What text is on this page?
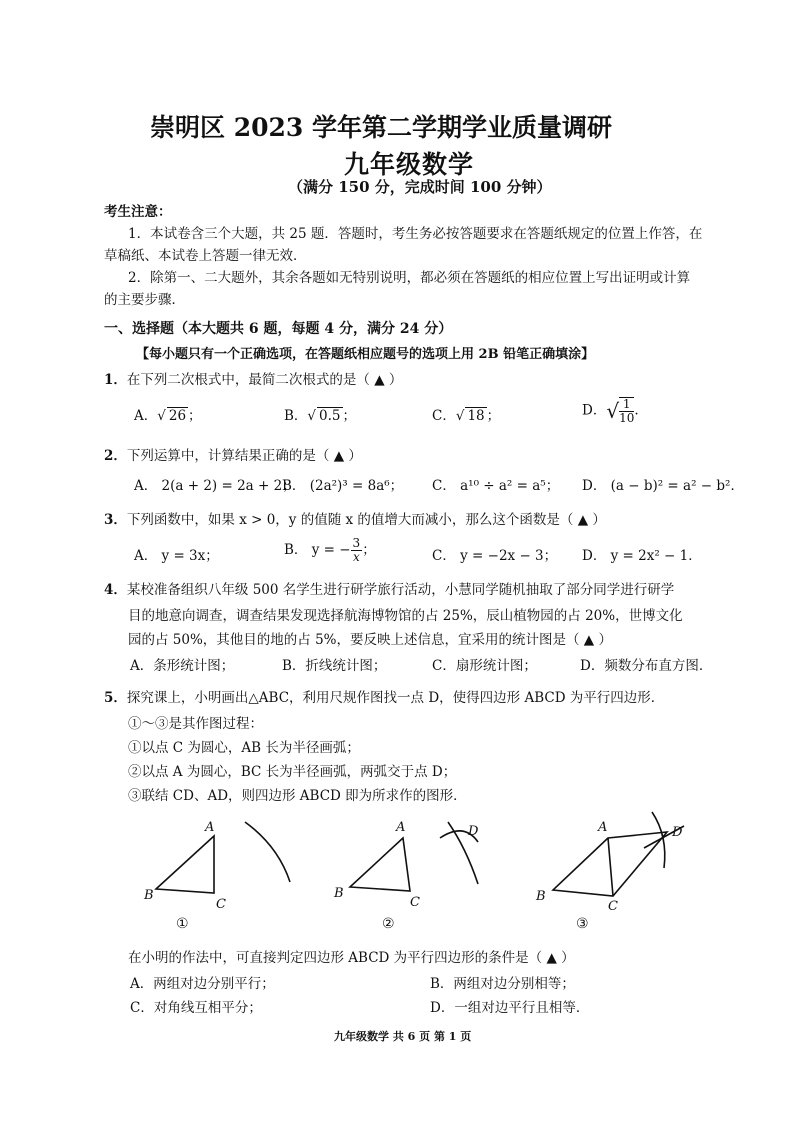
崇明区 2023 学年第二学期学业质量调研
九年级数学
（满分 150 分，完成时间 100 分钟）
考生注意：
1．本试卷含三个大题，共 25 题．答题时，考生务必按答题要求在答题纸规定的位置上作答，在
草稿纸、本试卷上答题一律无效．
2．除第一、二大题外，其余各题如无特别说明，都必须在答题纸的相应位置上写出证明或计算
的主要步骤．
一、选择题（本大题共 6 题，每题 4 分，满分 24 分）
【每小题只有一个正确选项，在答题纸相应题号的选项上用 2B 铅笔正确填涂】
1．在下列二次根式中，最简二次根式的是（ ▲ ）
A．√ 26 ；	B．√ 0.5 ；	C．√ 18 ；	D．√ $\frac{1}{10}$ .
2．下列运算中，计算结果正确的是（ ▲ ）
A． 2(a + 2) = 2a + 2；
B． (2a²)³ = 8a⁶； C． a¹⁰ ÷ a² = a⁵； D． (a − b)² = a² − b²．
3．下列函数中，如果 x > 0，y 的值随 x 的值增大而减小，那么这个函数是（ ▲ ）
A． y = 3x；	B． y = − $\frac{3}{x}$ ；	C． y = −2x − 3； D． y = 2x² − 1．
4．某校准备组织八年级 500 名学生进行研学旅行活动，小慧同学随机抽取了部分同学进行研学
目的地意向调查，调查结果发现选择航海博物馆的占 25%，辰山植物园的占 20%，世博文化
园的占 50%，其他目的地的占 5%，要反映上述信息，宜采用的统计图是（ ▲ ）
A．条形统计图；	B．折线统计图；	C．扇形统计图；	D．频数分布直方图．
5．探究课上，小明画出△ABC，利用尺规作图找一点 D，使得四边形 ABCD 为平行四边形．
①～③是其作图过程：
①以点 C 为圆心，AB 长为半径画弧；
②以点 A 为圆心，BC 长为半径画弧，两弧交于点 D；
③联结 CD、AD，则四边形 ABCD 即为所求作的图形．
A
B
C
A
B
C
D	A
B
C
D
①	②	③
在小明的作法中，可直接判定四边形 ABCD 为平行四边形的条件是（ ▲ ）
A．两组对边分别平行；	B．两组对边分别相等；
C．对角线互相平分；	D．一组对边平行且相等．
九年级数学 共 6 页 第 1 页
